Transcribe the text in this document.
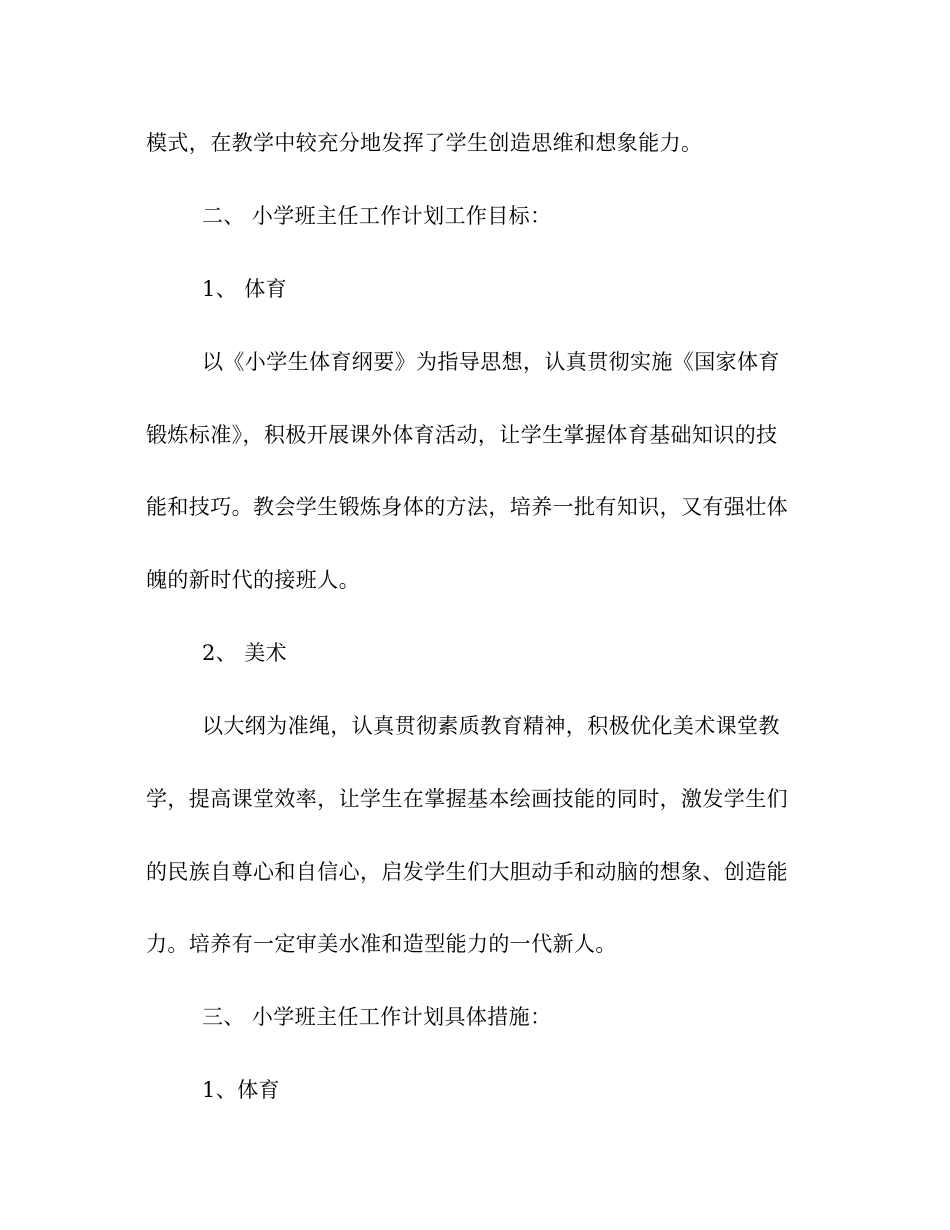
模式，在教学中较充分地发挥了学生创造思维和想象能力。
二、 小学班主任工作计划工作目标：
1、 体育
以《小学生体育纲要》为指导思想，认真贯彻实施《国家体育
锻炼标准》，积极开展课外体育活动，让学生掌握体育基础知识的技
能和技巧。教会学生锻炼身体的方法，培养一批有知识，又有强壮体
魄的新时代的接班人。
2、 美术
以大纲为准绳，认真贯彻素质教育精神，积极优化美术课堂教
学，提高课堂效率，让学生在掌握基本绘画技能的同时，激发学生们
的民族自尊心和自信心，启发学生们大胆动手和动脑的想象、创造能
力。培养有一定审美水准和造型能力的一代新人。
三、 小学班主任工作计划具体措施：
1、体育
